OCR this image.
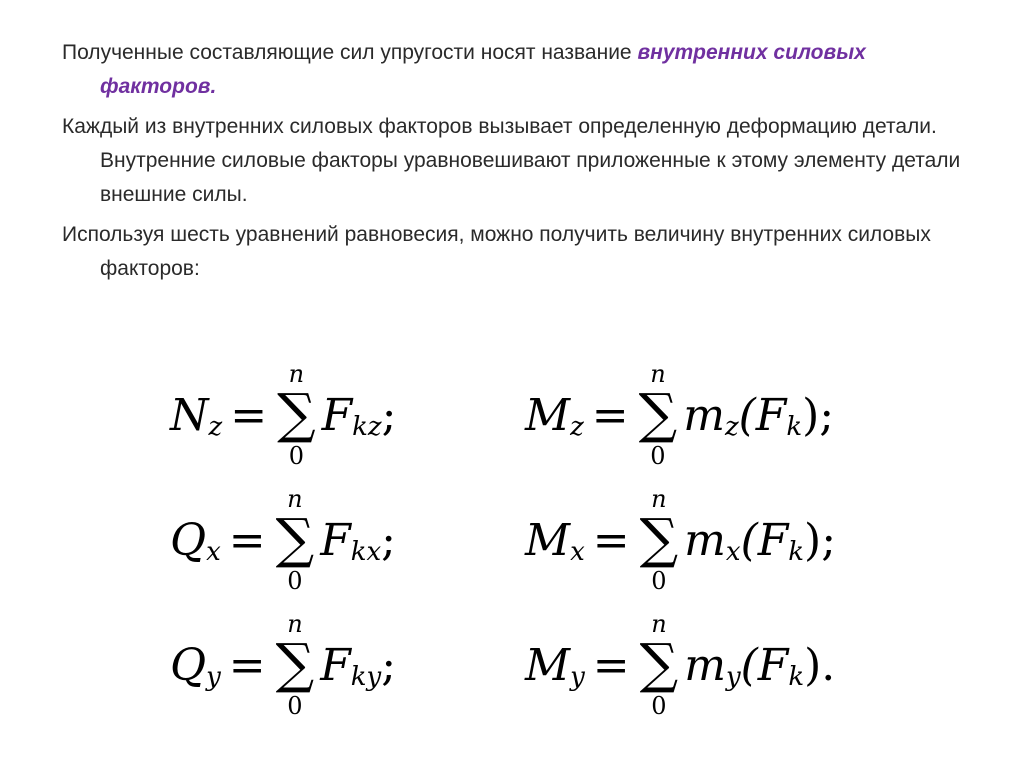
Полученные составляющие сил упругости носят название внутренних силовых факторов.

Каждый из внутренних силовых факторов вызывает определенную деформацию детали. Внутренние силовые факторы уравновешивают приложенные к этому элементу детали внешние силы.

Используя шесть уравнений равновесия, можно получить величину внутренних силовых факторов:

N z =
n
∑
0
F kz ;	M z =
n
∑
0
m z (F k ) ;
Q x =
n
∑
0
F kx ;	M x =
n
∑
0
m x (F k ) ;
Q y =
n
∑
0
F ky ;	M y =
n
∑
0
m y (F k ) .
